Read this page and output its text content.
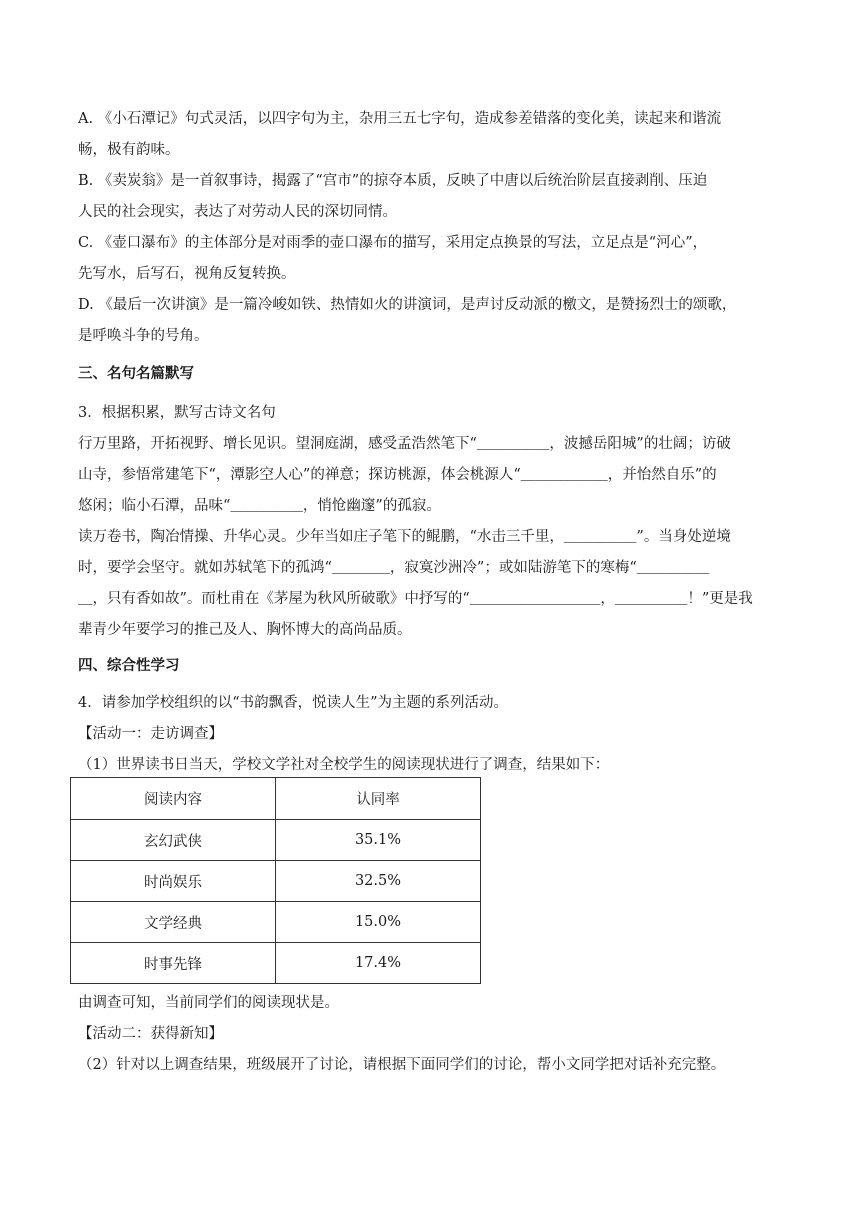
A. 《小石潭记》句式灵活，以四字句为主，杂用三五七字句，造成参差错落的变化美，读起来和谐流
畅，极有韵味。
B. 《卖炭翁》是一首叙事诗，揭露了“宫市”的掠夺本质，反映了中唐以后统治阶层直接剥削、压迫
人民的社会现实，表达了对劳动人民的深切同情。
C. 《壶口瀑布》的主体部分是对雨季的壶口瀑布的描写，采用定点换景的写法，立足点是“河心”，
先写水，后写石，视角反复转换。
D. 《最后一次讲演》是一篇冷峻如铁、热情如火的讲演词，是声讨反动派的檄文，是赞扬烈士的颂歌，
是呼唤斗争的号角。
三、名句名篇默写
3．根据积累，默写古诗文名句
行万里路，开拓视野、增长见识。望洞庭湖，感受孟浩然笔下“＿＿＿＿＿，波撼岳阳城”的壮阔；访破
山寺，参悟常建笔下“，潭影空人心”的禅意；探访桃源，体会桃源人“＿＿＿＿＿＿，并怡然自乐”的
悠闲；临小石潭，品味“＿＿＿＿＿，悄怆幽邃”的孤寂。
读万卷书，陶冶情操、升华心灵。少年当如庄子笔下的鲲鹏，“水击三千里，＿＿＿＿＿”。当身处逆境
时，要学会坚守。就如苏轼笔下的孤鸿“＿＿＿＿，寂寞沙洲冷”；或如陆游笔下的寒梅“＿＿＿＿＿
＿，只有香如故”。而杜甫在《茅屋为秋风所破歌》中抒写的“＿＿＿＿＿＿＿＿＿，＿＿＿＿＿！”更是我
辈青少年要学习的推己及人、胸怀博大的高尚品质。
四、综合性学习
4．请参加学校组织的以“书韵飘香，悦读人生”为主题的系列活动。
【活动一：走访调查】
（1）世界读书日当天，学校文学社对全校学生的阅读现状进行了调查，结果如下：
阅读内容	认同率
玄幻武侠	35.1%
时尚娱乐	32.5%
文学经典	15.0%
时事先锋	17.4%
由调查可知，当前同学们的阅读现状是。
【活动二：获得新知】
（2）针对以上调查结果，班级展开了讨论，请根据下面同学们的讨论，帮小文同学把对话补充完整。
